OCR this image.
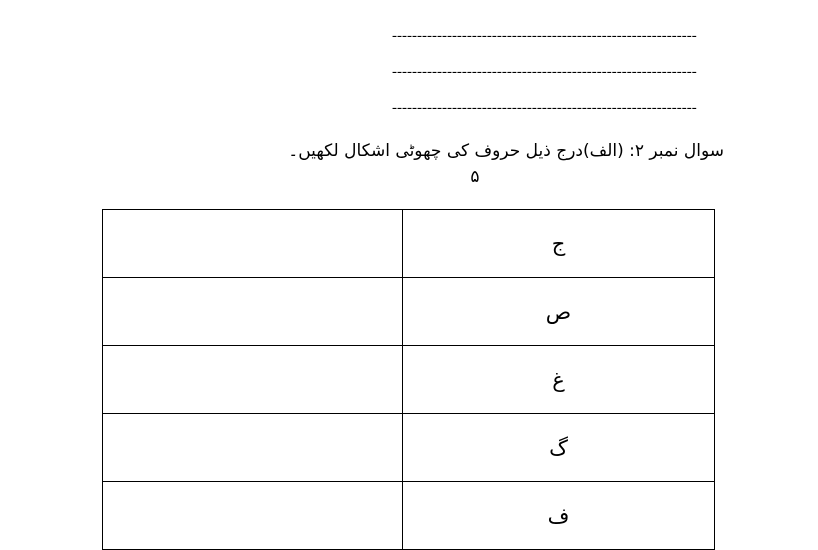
-------------------------------------------------------------
-------------------------------------------------------------
-------------------------------------------------------------
سوال نمبر ۲: (الف)درج ذیل حروف کی چھوٹی اشکال لکھیں۔
۵
	ج
	ص
	غ
	گ
	ف
